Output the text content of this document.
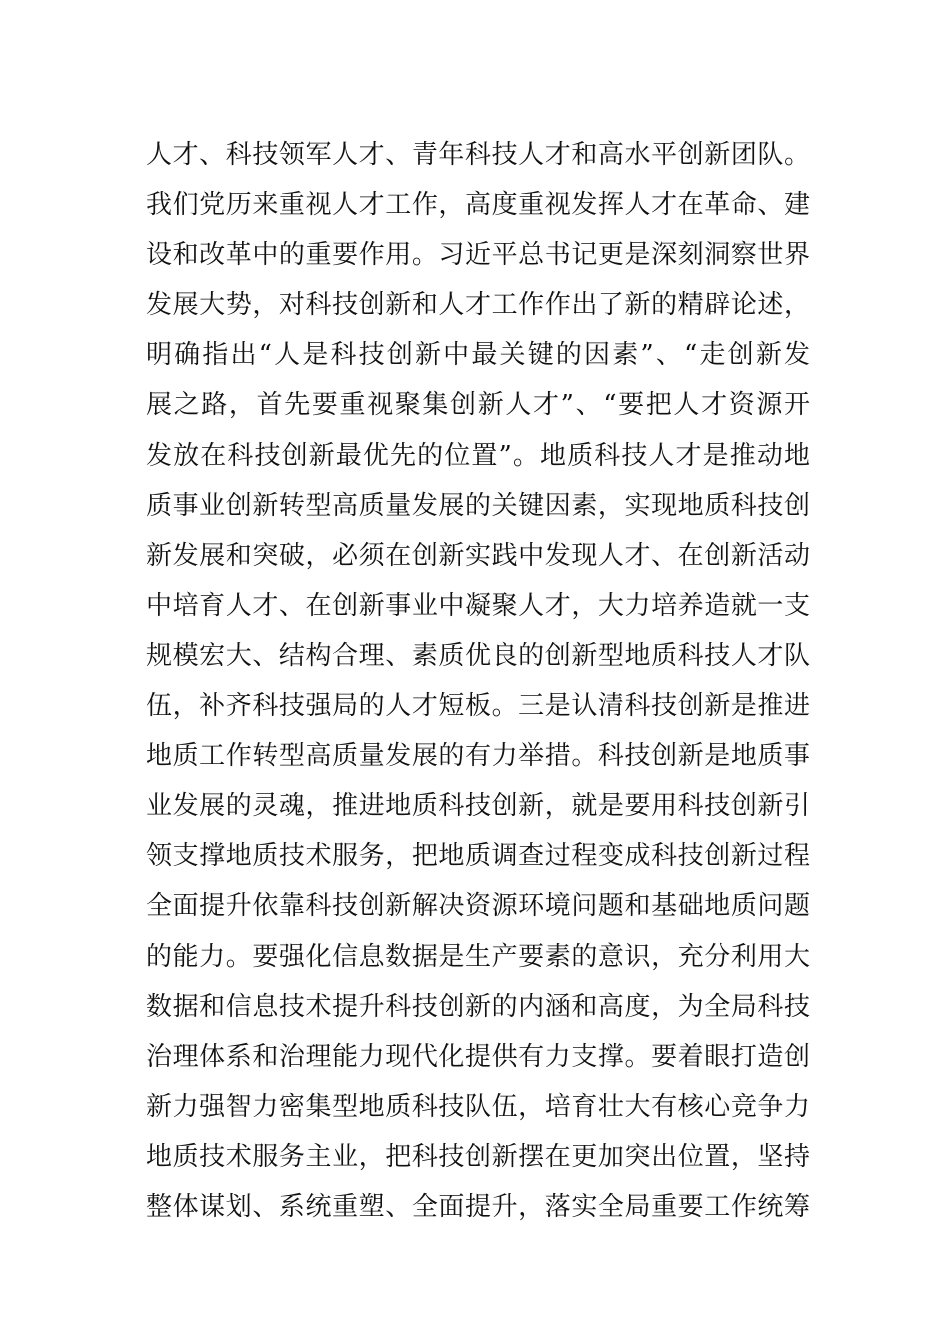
人才、科技领军人才、青年科技人才和高水平创新团队。
我们党历来重视人才工作，高度重视发挥人才在革命、建
设和改革中的重要作用。习近平总书记更是深刻洞察世界
发展大势，对科技创新和人才工作作出了新的精辟论述，
明确指出“人是科技创新中最关键的因素”、“走创新发
展之路，首先要重视聚集创新人才”、“要把人才资源开
发放在科技创新最优先的位置”。地质科技人才是推动地
质事业创新转型高质量发展的关键因素，实现地质科技创
新发展和突破，必须在创新实践中发现人才、在创新活动
中培育人才、在创新事业中凝聚人才，大力培养造就一支
规模宏大、结构合理、素质优良的创新型地质科技人才队
伍，补齐科技强局的人才短板。三是认清科技创新是推进
地质工作转型高质量发展的有力举措。科技创新是地质事
业发展的灵魂，推进地质科技创新，就是要用科技创新引
领支撑地质技术服务，把地质调查过程变成科技创新过程
全面提升依靠科技创新解决资源环境问题和基础地质问题
的能力。要强化信息数据是生产要素的意识，充分利用大
数据和信息技术提升科技创新的内涵和高度，为全局科技
治理体系和治理能力现代化提供有力支撑。要着眼打造创
新力强智力密集型地质科技队伍，培育壮大有核心竞争力
地质技术服务主业，把科技创新摆在更加突出位置，坚持
整体谋划、系统重塑、全面提升，落实全局重要工作统筹
